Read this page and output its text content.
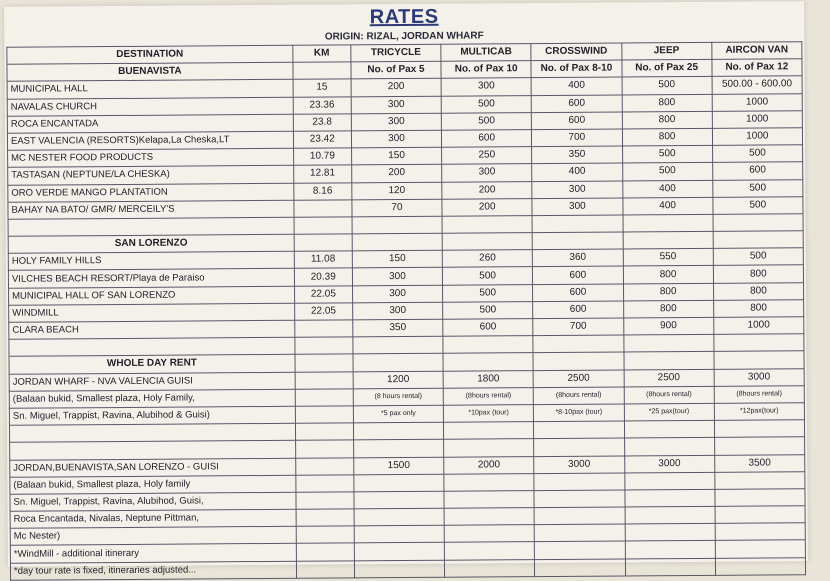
RATES
ORIGIN: RIZAL, JORDAN WHARF
DESTINATION	KM	TRICYCLE	MULTICAB	CROSSWIND	JEEP	AIRCON VAN
BUENAVISTA		No. of Pax 5	No. of Pax 10	No. of Pax 8-10	No. of Pax 25	No. of Pax 12
MUNICIPAL HALL	15	200	300	400	500	500.00 - 600.00
NAVALAS CHURCH	23.36	300	500	600	800	1000
ROCA ENCANTADA	23.8	300	500	600	800	1000
EAST VALENCIA (RESORTS)Kelapa,La Cheska,LT	23.42	300	600	700	800	1000
MC NESTER FOOD PRODUCTS	10.79	150	250	350	500	500
TASTASAN (NEPTUNE/LA CHESKA)	12.81	200	300	400	500	600
ORO VERDE MANGO PLANTATION	8.16	120	200	300	400	500
BAHAY NA BATO/ GMR/ MERCEILY'S		70	200	300	400	500

SAN LORENZO						
HOLY FAMILY HILLS	11.08	150	260	360	550	500
VILCHES BEACH RESORT/Playa de Paraiso	20.39	300	500	600	800	800
MUNICIPAL HALL OF SAN LORENZO	22.05	300	500	600	800	800
WINDMILL	22.05	300	500	600	800	800
CLARA BEACH		350	600	700	900	1000

WHOLE DAY RENT						
JORDAN WHARF - NVA VALENCIA GUISI		1200	1800	2500	2500	3000
(Balaan bukid, Smallest plaza, Holy Family,		(8 hours rental)	(8hours rental)	(8hours rental)	(8hours rental)	(8hours rental)
Sn. Miguel, Trappist, Ravina, Alubihod & Guisi)		*5 pax only	*10pax (tour)	*8-10pax (tour)	*25 pax(tour)	*12pax(tour)

JORDAN,BUENAVISTA,SAN LORENZO - GUISI		1500	2000	3000	3000	3500
(Balaan bukid, Smallest plaza, Holy family						
Sn. Miguel, Trappist, Ravina, Alubihod, Guisi,						
Roca Encantada, Nivalas, Neptune Pittman,						
Mc Nester)						
*WindMill - additional itinerary						
*day tour rate is fixed, itineraries adjusted...						
